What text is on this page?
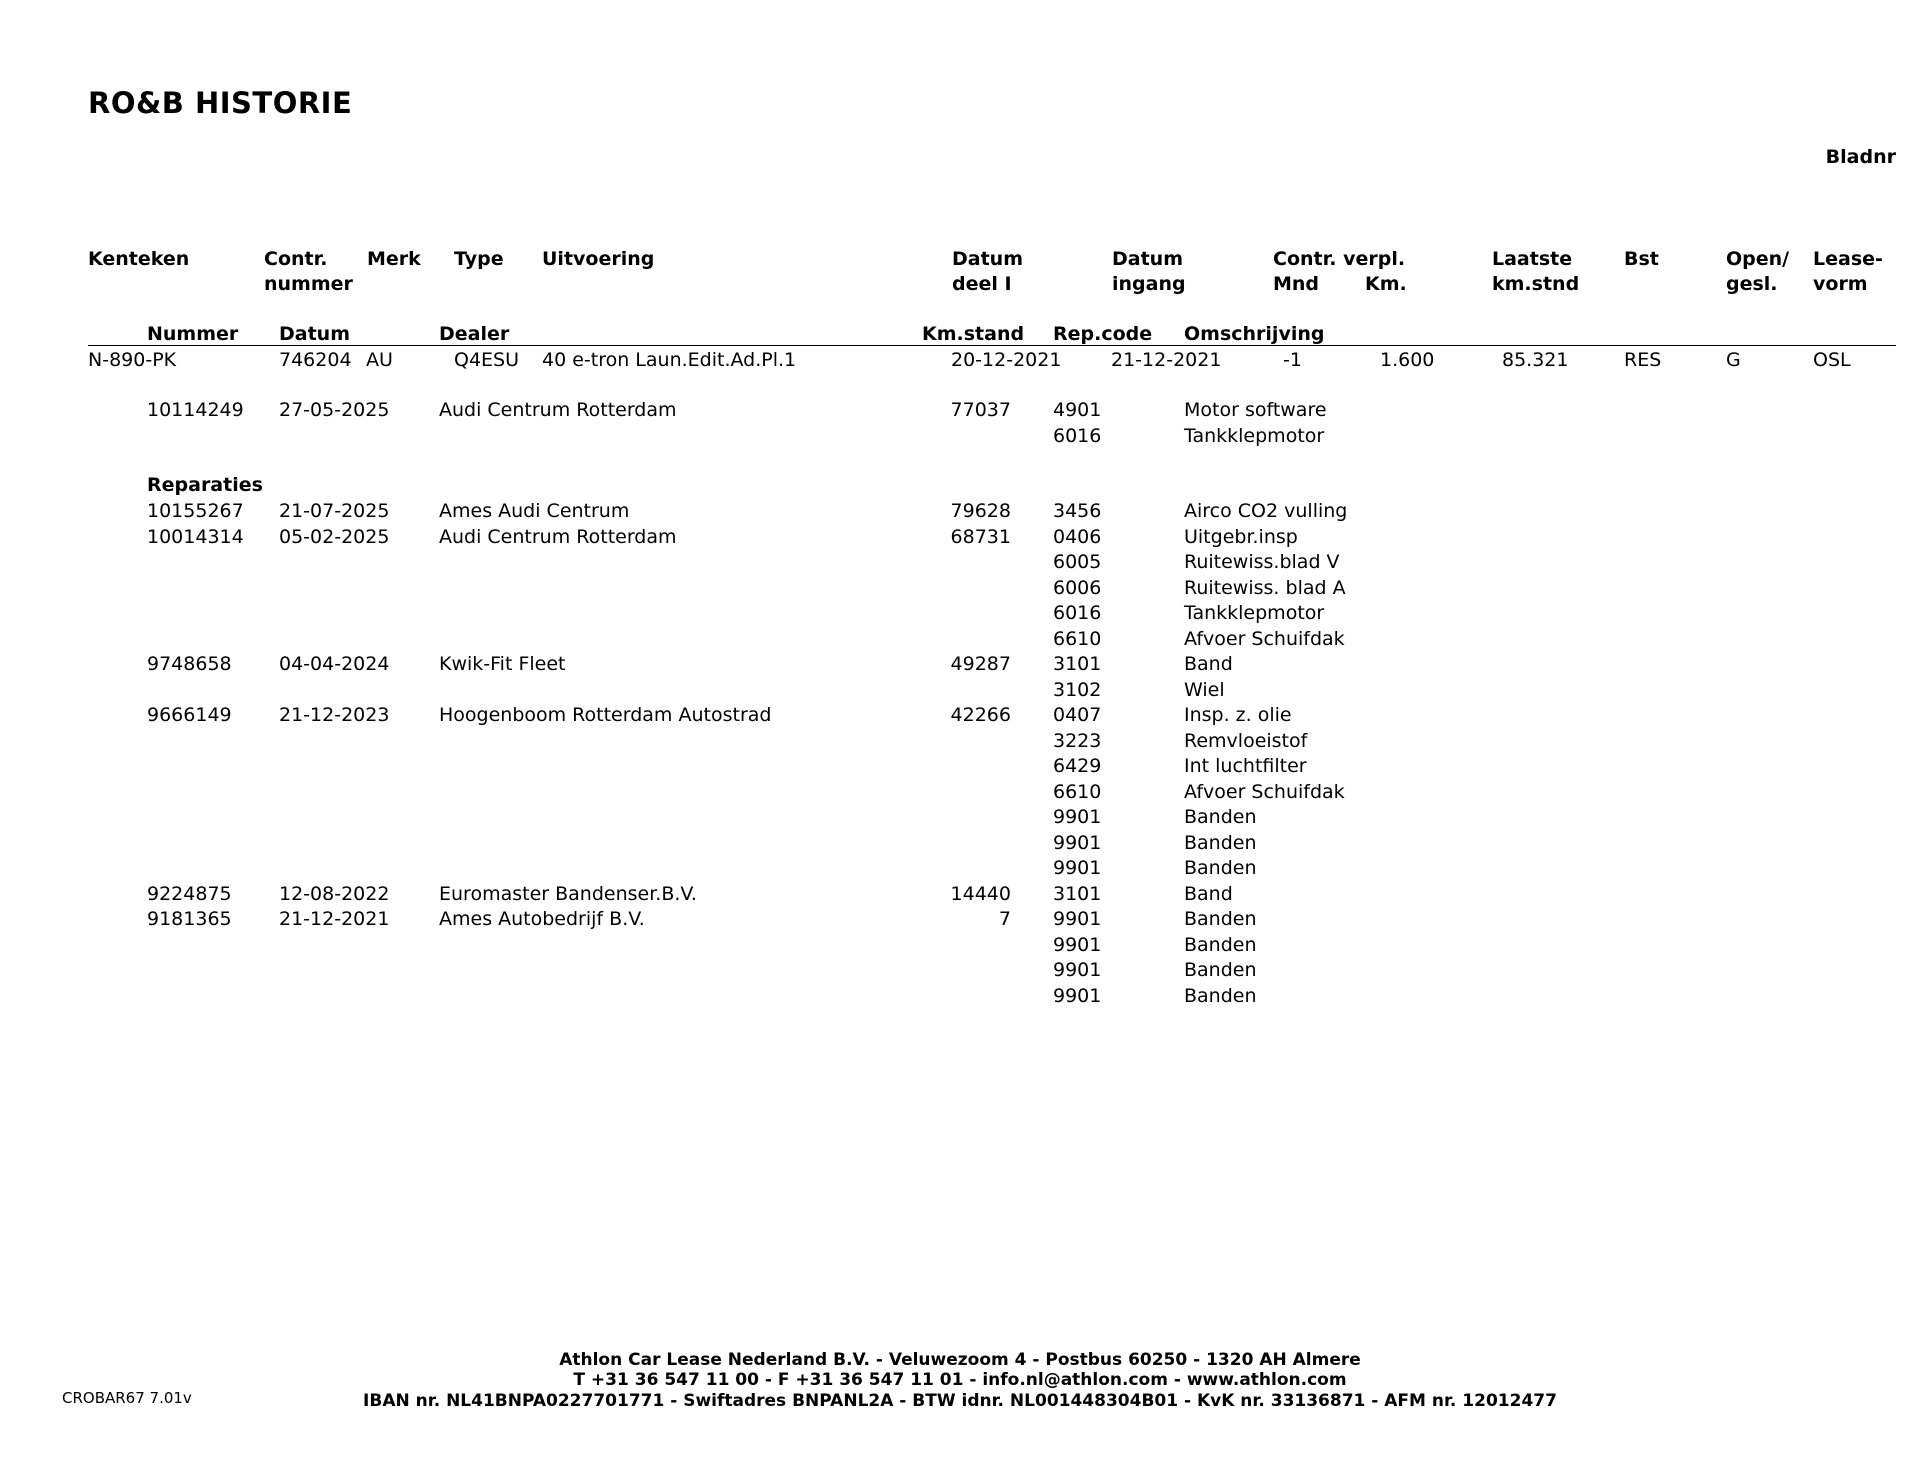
RO&B HISTORIE
Bladnr
Kenteken	Contr.
nummer
Merk Type Uitvoering	Datum
deel I
Datum
ingang
Contr. verpl.
Mnd	Km.
Laatste
km.stnd
Bst	Open/
gesl.
Lease-
vorm
Nummer Datum	Dealer	Km.stand Rep.code Omschrijving
N-890-PK	746204 AU	Q4ESU 40 e-tron Laun.Edit.Ad.Pl.1	20-12-2021	21-12-2021	-1	1.600	85.321	RES	G	OSL
10114249 27-05-2025	Audi Centrum Rotterdam	77037 4901	Motor software
6016	Tankklepmotor
Reparaties
10155267 21-07-2025	Ames Audi Centrum	79628 3456	Airco CO2 vulling
10014314 05-02-2025	Audi Centrum Rotterdam	68731 0406	Uitgebr.insp
6005	Ruitewiss.blad V
6006	Ruitewiss. blad A
6016	Tankklepmotor
6610	Afvoer Schuifdak
9748658 04-04-2024	Kwik-Fit Fleet	49287 3101	Band
3102	Wiel
9666149 21-12-2023	Hoogenboom Rotterdam Autostrad	42266 0407	Insp. z. olie
3223	Remvloeistof
6429	Int luchtfilter
6610	Afvoer Schuifdak
9901	Banden
9901	Banden
9901	Banden
9224875 12-08-2022	Euromaster Bandenser.B.V.	14440 3101	Band
9181365 21-12-2021	Ames Autobedrijf B.V.	7 9901	Banden
9901	Banden
9901	Banden
9901	Banden
Athlon Car Lease Nederland B.V. - Veluwezoom 4 - Postbus 60250 - 1320 AH Almere
T +31 36 547 11 00 - F +31 36 547 11 01 - info.nl@athlon.com - www.athlon.com
IBAN nr. NL41BNPA0227701771 - Swiftadres BNPANL2A - BTW idnr. NL001448304B01 - KvK nr. 33136871 - AFM nr. 12012477
CROBAR67 7.01v
